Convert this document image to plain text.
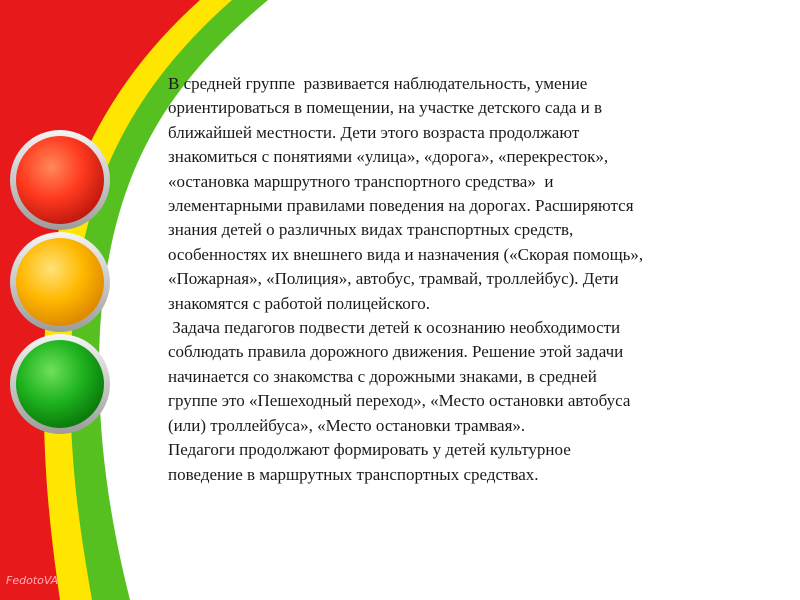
В средней группе  развивается наблюдательность, умение
ориентироваться в помещении, на участке детского сада и в
ближайшей местности. Дети этого возраста продолжают
знакомиться с понятиями «улица», «дорога», «перекресток»,
«остановка маршрутного транспортного средства»  и
элементарными правилами поведения на дорогах. Расширяются
знания детей о различных видах транспортных средств,
особенностях их внешнего вида и назначения («Скорая помощь»,
«Пожарная», «Полиция», автобус, трамвай, троллейбус). Дети
знакомятся с работой полицейского.
Задача педагогов подвести детей к осознанию необходимости
соблюдать правила дорожного движения. Решение этой задачи
начинается со знакомства с дорожными знаками, в средней
группе это «Пешеходный переход», «Место остановки автобуса
(или) троллейбуса», «Место остановки трамвая».
Педагоги продолжают формировать у детей культурное
поведение в маршрутных транспортных средствах.

FedotoVA
